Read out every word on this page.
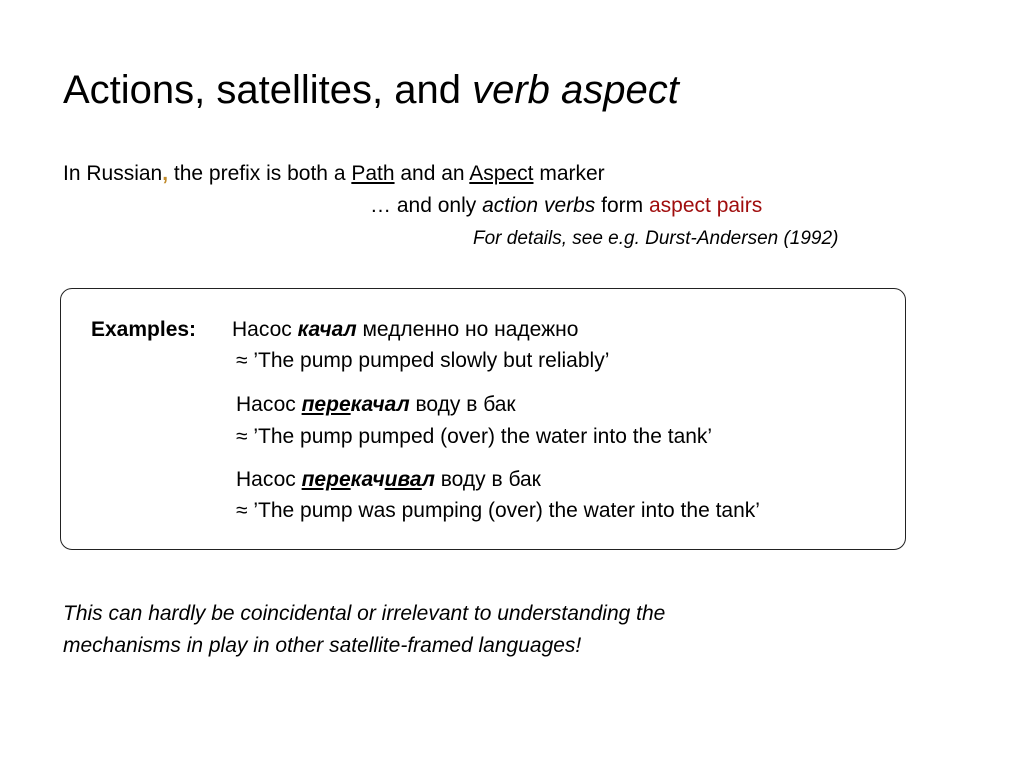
Actions, satellites, and verb aspect
In Russian, the prefix is both a Path and an Aspect marker
… and only action verbs form aspect pairs
For details, see e.g. Durst-Andersen (1992)
Examples: Насос качал медленно но надежно
≈ ’The pump pumped slowly but reliably’
Насос перекачал воду в бак
≈ ’The pump pumped (over) the water into the tank’
Насос перекачивал воду в бак
≈ ’The pump was pumping (over) the water into the tank’
This can hardly be coincidental or irrelevant to understanding the
mechanisms in play in other satellite-framed languages!
